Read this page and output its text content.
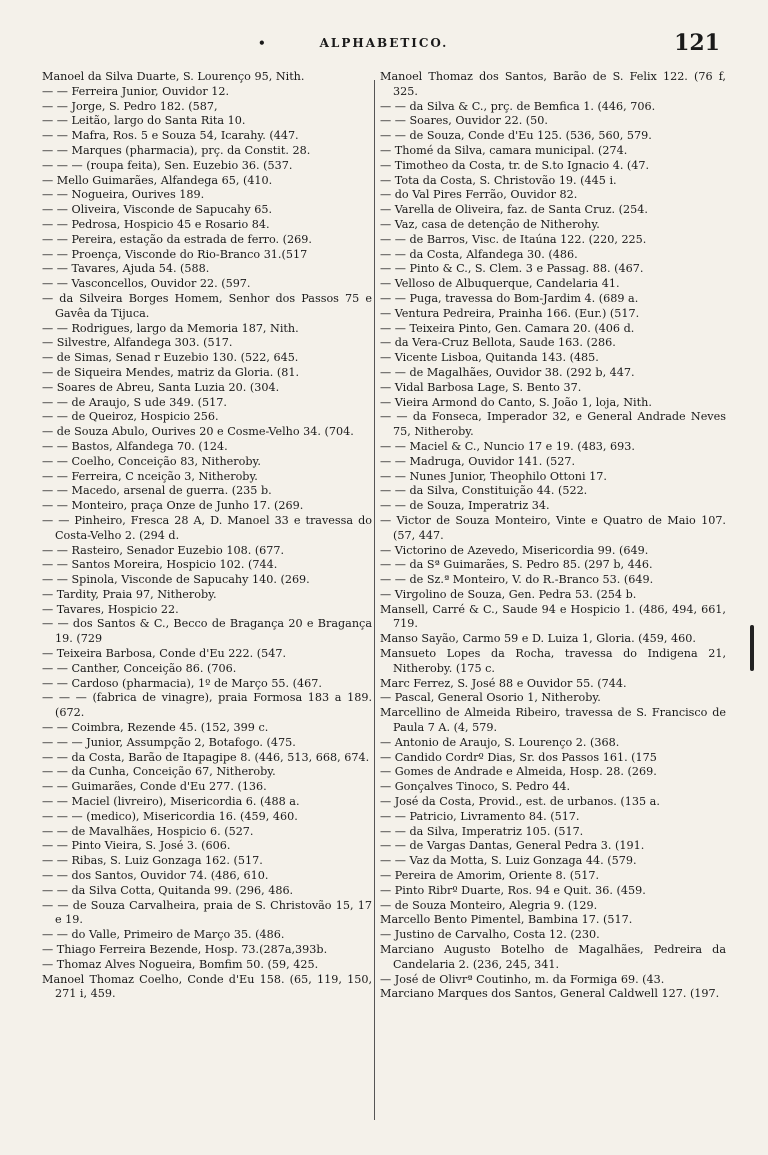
•	ALPHABETICO.	121

Manoel da Silva Duarte, S. Lourenço 95, Nith.

— — Ferreira Junior, Ouvidor 12.

— — Jorge, S. Pedro 182. (587,

— — Leitão, largo do Santa Rita 10.

— — Mafra, Ros. 5 e Souza 54, Icarahy. (447.

— — Marques (pharmacia), prç. da Constit. 28.

— — — (roupa feita), Sen. Euzebio 36. (537.

— Mello Guimarães, Alfandega 65, (410.

— — Nogueira, Ourives 189.

— — Oliveira, Visconde de Sapucahy 65.

— — Pedrosa, Hospicio 45 e Rosario 84.

— — Pereira, estação da estrada de ferro. (269.

— — Proença, Visconde do Rio-Branco 31.(517

— — Tavares, Ajuda 54. (588.

— — Vasconcellos, Ouvidor 22. (597.

— da Silveira Borges Homem, Senhor dos Passos 75 e Gavêa da Tijuca.

— — Rodrigues, largo da Memoria 187, Nith.

— Silvestre, Alfandega 303. (517.

— de Simas, Senad r Euzebio 130. (522, 645.

— de Siqueira Mendes, matriz da Gloria. (81.

— Soares de Abreu, Santa Luzia 20. (304.

— — de Araujo, S ude 349. (517.

— — de Queiroz, Hospicio 256.

— de Souza Abulo, Ourives 20 e Cosme-Velho 34. (704.

— — Bastos, Alfandega 70. (124.

— — Coelho, Conceição 83, Nitheroby.

— — Ferreira, C nceição 3, Nitheroby.

— — Macedo, arsenal de guerra. (235 b.

— — Monteiro, praça Onze de Junho 17. (269.

— — Pinheiro, Fresca 28 A, D. Manoel 33 e travessa do Costa-Velho 2. (294 d.

— — Rasteiro, Senador Euzebio 108. (677.

— — Santos Moreira, Hospicio 102. (744.

— — Spinola, Visconde de Sapucahy 140. (269.

— Tardity, Praia 97, Nitheroby.

— Tavares, Hospicio 22.

— — dos Santos & C., Becco de Bragança 20 e Bragança 19. (729

— Teixeira Barbosa, Conde d'Eu 222. (547.

— — Canther, Conceição 86. (706.

— — Cardoso (pharmacia), 1º de Março 55. (467.

— — — (fabrica de vinagre), praia Formosa 183 a 189. (672.

— — Coimbra, Rezende 45. (152, 399 c.

— — — Junior, Assumpção 2, Botafogo. (475.

— — da Costa, Barão de Itapagipe 8. (446, 513, 668, 674.

— — da Cunha, Conceição 67, Nitheroby.

— — Guimarães, Conde d'Eu 277. (136.

— — Maciel (livreiro), Misericordia 6. (488 a.

— — — (medico), Misericordia 16. (459, 460.

— — de Mavalhães, Hospicio 6. (527.

— — Pinto Vieira, S. José 3. (606.

— — Ribas, S. Luiz Gonzaga 162. (517.

— — dos Santos, Ouvidor 74. (486, 610.

— — da Silva Cotta, Quitanda 99. (296, 486.

— — de Souza Carvalheira, praia de S. Christovão 15, 17 e 19.

— — do Valle, Primeiro de Março 35. (486.

— Thiago Ferreira Bezende, Hosp. 73.(287a,393b.

— Thomaz Alves Nogueira, Bomfim 50. (59, 425.

Manoel Thomaz Coelho, Conde d'Eu 158. (65, 119, 150, 271 i, 459.

Manoel Thomaz dos Santos, Barão de S. Felix 122. (76 f, 325.

— — da Silva & C., prç. de Bemfica 1. (446, 706.

— — Soares, Ouvidor 22. (50.

— — de Souza, Conde d'Eu 125. (536, 560, 579.

— Thomé da Silva, camara municipal. (274.

— Timotheo da Costa, tr. de S.to Ignacio 4. (47.

— Tota da Costa, S. Christovão 19. (445 i.

— do Val Pires Ferrão, Ouvidor 82.

— Varella de Oliveira, faz. de Santa Cruz. (254.

— Vaz, casa de detenção de Nitherohy.

— — de Barros, Visc. de Itaúna 122. (220, 225.

— — da Costa, Alfandega 30. (486.

— — Pinto & C., S. Clem. 3 e Passag. 88. (467.

— Velloso de Albuquerque, Candelaria 41.

— — Puga, travessa do Bom-Jardim 4. (689 a.

— Ventura Pedreira, Prainha 166. (Eur.) (517.

— — Teixeira Pinto, Gen. Camara 20. (406 d.

— da Vera-Cruz Bellota, Saude 163. (286.

— Vicente Lisboa, Quitanda 143. (485.

— — de Magalhães, Ouvidor 38. (292 b, 447.

— Vidal Barbosa Lage, S. Bento 37.

— Vieira Armond do Canto, S. João 1, loja, Nith.

— — da Fonseca, Imperador 32, e General Andrade Neves 75, Nitheroby.

— — Maciel & C., Nuncio 17 e 19. (483, 693.

— — Madruga, Ouvidor 141. (527.

— — Nunes Junior, Theophilo Ottoni 17.

— — da Silva, Constituição 44. (522.

— — de Souza, Imperatriz 34.

— Victor de Souza Monteiro, Vinte e Quatro de Maio 107. (57, 447.

— Victorino de Azevedo, Misericordia 99. (649.

— — da Sª Guimarães, S. Pedro 85. (297 b, 446.

— — de Sz.ª Monteiro, V. do R.-Branco 53. (649.

— Virgolino de Souza, Gen. Pedra 53. (254 b.

Mansell, Carré & C., Saude 94 e Hospicio 1. (486, 494, 661, 719.

Manso Sayão, Carmo 59 e D. Luiza 1, Gloria. (459, 460.

Mansueto Lopes da Rocha, travessa do Indigena 21, Nitheroby. (175 c.

Marc Ferrez, S. José 88 e Ouvidor 55. (744.

— Pascal, General Osorio 1, Nitheroby.

Marcellino de Almeida Ribeiro, travessa de S. Francisco de Paula 7 A. (4, 579.

— Antonio de Araujo, S. Lourenço 2. (368.

— Candido Cordrº Dias, Sr. dos Passos 161. (175

— Gomes de Andrade e Almeida, Hosp. 28. (269.

— Gonçalves Tinoco, S. Pedro 44.

— José da Costa, Provid., est. de urbanos. (135 a.

— — Patricio, Livramento 84. (517.

— — da Silva, Imperatriz 105. (517.

— — de Vargas Dantas, General Pedra 3. (191.

— — Vaz da Motta, S. Luiz Gonzaga 44. (579.

— Pereira de Amorim, Oriente 8. (517.

— Pinto Ribrº Duarte, Ros. 94 e Quit. 36. (459.

— de Souza Monteiro, Alegria 9. (129.

Marcello Bento Pimentel, Bambina 17. (517.

— Justino de Carvalho, Costa 12. (230.

Marciano Augusto Botelho de Magalhães, Pedreira da Candelaria 2. (236, 245, 341.

— José de Olivrª Coutinho, m. da Formiga 69. (43.

Marciano Marques dos Santos, General Caldwell 127. (197.
